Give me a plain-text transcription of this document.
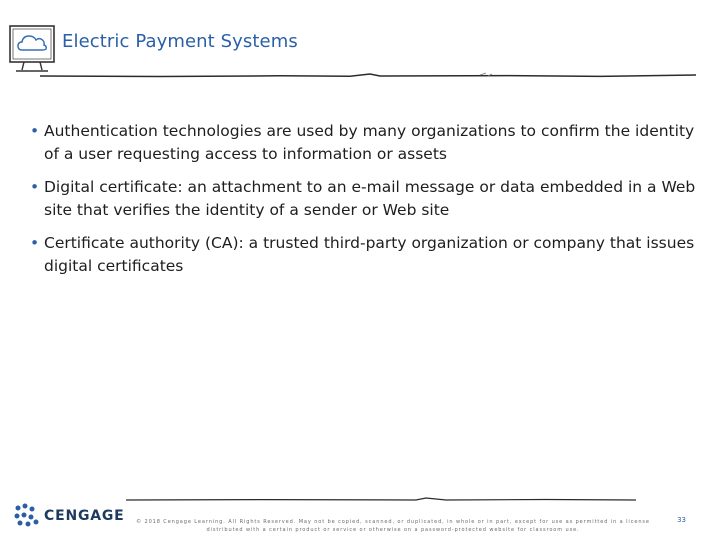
Electric Payment Systems
• Authentication technologies are used by many organizations to confirm the identity of a user requesting access to information or assets
• Digital certificate: an attachment to an e-mail message or data embedded in a Web site that verifies the identity of a sender or Web site
• Certificate authority (CA): a trusted third-party organization or company that issues digital certificates
CENGAGE	© 2018 Cengage Learning. All Rights Reserved. May not be copied, scanned, or duplicated, in whole or in part, except for use as permitted in a license distributed with a certain product or service or otherwise on a password-protected website for classroom use.
33
